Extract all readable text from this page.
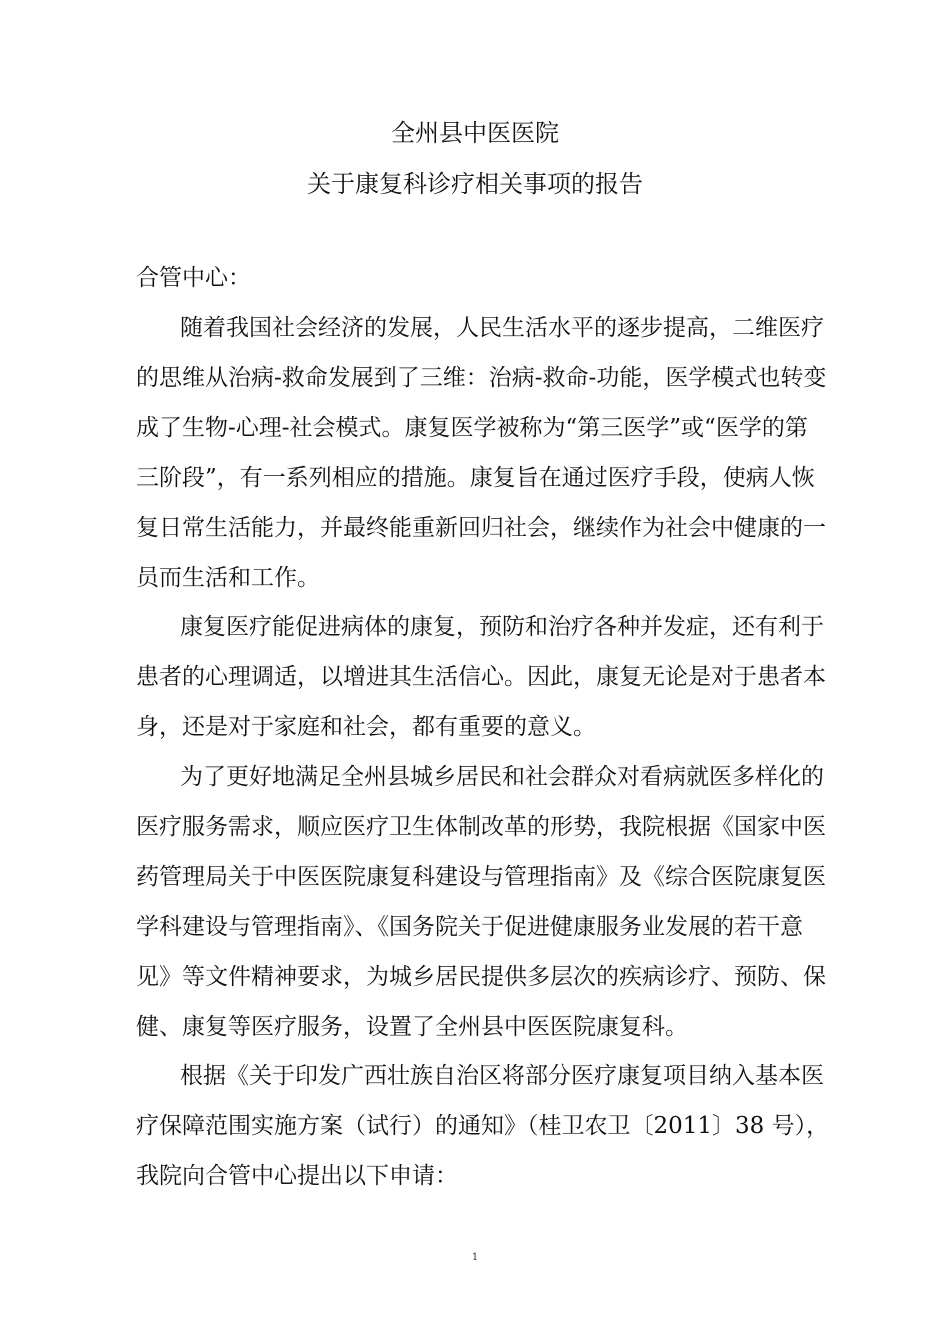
全州县中医医院
关于康复科诊疗相关事项的报告
合管中心：
随着我国社会经济的发展，人民生活水平的逐步提高，二维医疗
的思维从治病-救命发展到了三维：治病-救命-功能，医学模式也转变
成了生物-心理-社会模式。康复医学被称为“第三医学”或“医学的第
三阶段”，有一系列相应的措施。康复旨在通过医疗手段，使病人恢
复日常生活能力，并最终能重新回归社会，继续作为社会中健康的一
员而生活和工作。
康复医疗能促进病体的康复，预防和治疗各种并发症，还有利于
患者的心理调适，以增进其生活信心。因此，康复无论是对于患者本
身，还是对于家庭和社会，都有重要的意义。
为了更好地满足全州县城乡居民和社会群众对看病就医多样化的
医疗服务需求，顺应医疗卫生体制改革的形势，我院根据《国家中医
药管理局关于中医医院康复科建设与管理指南》及《综合医院康复医
学科建设与管理指南》、《国务院关于促进健康服务业发展的若干意
见》等文件精神要求，为城乡居民提供多层次的疾病诊疗、预防、保
健、康复等医疗服务，设置了全州县中医医院康复科。
根据《关于印发广西壮族自治区将部分医疗康复项目纳入基本医
疗保障范围实施方案（试行）的通知》（桂卫农卫〔2011〕38 号），
我院向合管中心提出以下申请：
1
